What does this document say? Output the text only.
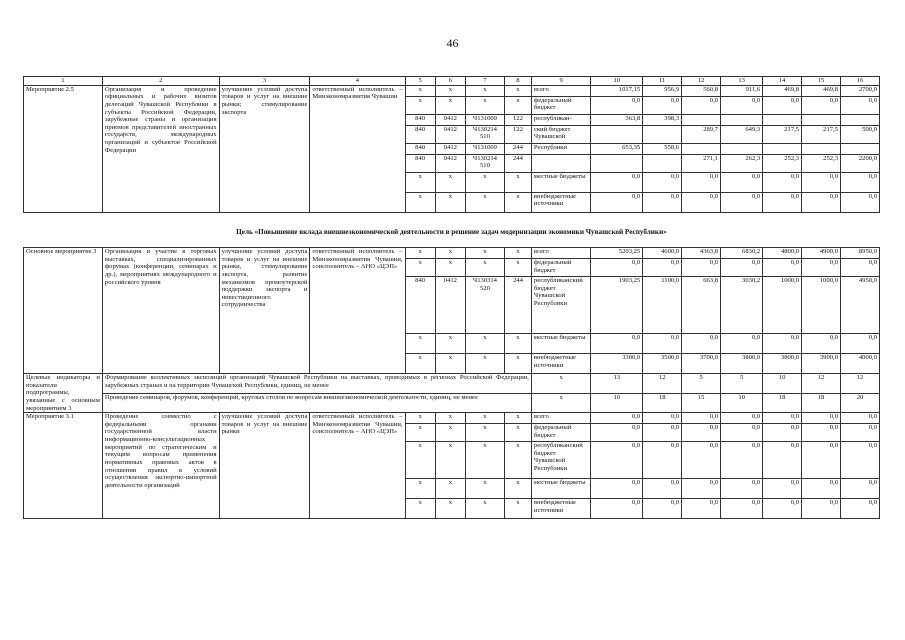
46
1	2	3	4	5	6	7	8	9	10	11	12	13	14	15	16
Мероприятие 2.5	Организация и проведение официальных и рабочих визитов делегаций Чувашской Республики в субъекты Российской Федерации, зарубежные страны и организация приемов представителей иностранных государств, международных организаций и субъектов Российской Федерации	улучшение условий доступа товаров и услуг на внешние рынки; стимулирование экспорта	ответственный исполнитель – Минэкономразвития Чувашии	x	x	x	x	всего	1017,15	956,9	560,8	911,6	469,8	469,8	2700,0
				x	x	x	x	федеральный бюджет	0,0	0,0	0,0	0,0	0,0	0,0	0,0
				840	0412	Ч131009	122	республикан-	363,8	398,3					
				840	0412	Ч130214 510	122	ский бюджет Чувашской			289,7	649,3	217,5	217,5	500,0
				840	0412	Ч131009	244	Республики	653,35	558,6					
				840	0412	Ч130214 510	244				271,1	262,3	252,3	252,3	2200,0
				x	x	x	x	местные бюджеты	0,0	0,0	0,0	0,0	0,0	0,0	0,0
				x	x	x	x	внебюджетные источники	0,0	0,0	0,0	0,0	0,0	0,0	0,0
Цель «Повышение вклада внешнеэкономической деятельности в решение задач модернизации экономики Чувашской Республики»
Основное мероприятие 3	Организация и участие в торговых выставках, специализированных форумах (конференции, семинарах и др.), мероприятиях международного и российского уровня	улучшение условий доступа товаров и услуг на внешние рынки, стимулирование экспорта, развитие механизмов промоутерской поддержки экспорта и инвестиционного сотрудничества	ответственный исполнитель – Минэкономразвития Чувашии, соисполнитель – АНО «ЦЭП»	x	x	x	x	всего	5203,25	4600,0	4363,8	6830,2	4800,0	4900,0	8950,0
				x	x	x	x	федеральный бюджет	0,0	0,0	0,0	0,0	0,0	0,0	0,0
				840	0412	Ч130314 520	244	республиканский бюджет Чувашской Республики	1903,25	1100,0	663,8	3030,2	1000,0	1000,0	4950,0
				x	x	x	x	местные бюджеты	0,0	0,0	0,0	0,0	0,0	0,0	0,0
				x	x	x	x	внебюджетные источники	3300,0	3500,0	3700,0	3800,0	3800,0	3900,0	4000,0
Целевые индикаторы и показатели подпрограммы, увязанные с основным мероприятием 3	Формирование коллективных экспозиций организаций Чувашской Республики на выставках, проводимых в регионах Российской Федерации, зарубежных странах и на территории Чувашской Республики, единиц, не менее							x	13	12	5	5	10	12	12
	Проведение семинаров, форумов, конференций, круглых столов по вопросам внешнеэкономической деятельности, единиц, не менее							x	10	18	15	10	18	18	20
Мероприятие 3.1	Проведение совместно с федеральными органами государственной власти информационно-консультационных мероприятий по стратегическим и текущим вопросам применения нормативных правовых актов в отношении правил в условий осуществления экспортно-импортной деятельности организаций	улучшение условий доступа товаров и услуг на внешние рынки	ответственный исполнитель – Минэкономразвития Чувашии, соисполнитель – АНО «ЦЭП»	x	x	x	x	всего	0,0	0,0	0,0	0,0	0,0	0,0	0,0
				x	x	x	x	федеральный бюджет	0,0	0,0	0,0	0,0	0,0	0,0	0,0
				x	x	x	x	республиканский бюджет Чувашской Республики	0,0	0,0	0,0	0,0	0,0	0,0	0,0
				x	x	x	x	местные бюджеты	0,0	0,0	0,0	0,0	0,0	0,0	0,0
				x	x	x	x	внебюджетные источники	0,0	0,0	0,0	0,0	0,0	0,0	0,0
